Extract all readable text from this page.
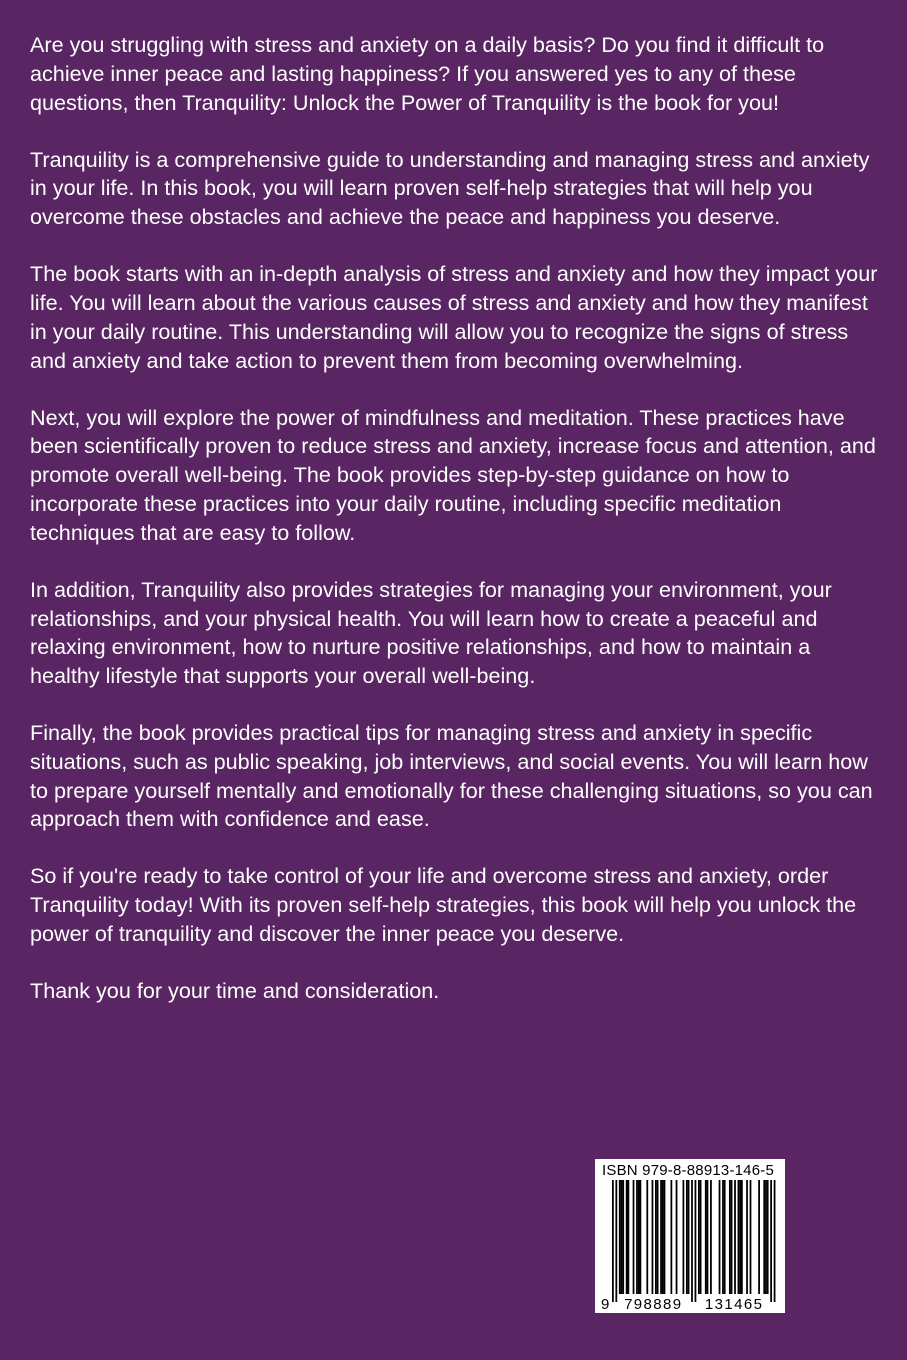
Are you struggling with stress and anxiety on a daily basis? Do you find it difficult to achieve inner peace and lasting happiness? If you answered yes to any of these questions, then Tranquility: Unlock the Power of Tranquility is the book for you!

Tranquility is a comprehensive guide to understanding and managing stress and anxiety in your life. In this book, you will learn proven self-help strategies that will help you overcome these obstacles and achieve the peace and happiness you deserve.

The book starts with an in-depth analysis of stress and anxiety and how they impact your life. You will learn about the various causes of stress and anxiety and how they manifest in your daily routine. This understanding will allow you to recognize the signs of stress and anxiety and take action to prevent them from becoming overwhelming.

Next, you will explore the power of mindfulness and meditation. These practices have been scientifically proven to reduce stress and anxiety, increase focus and attention, and promote overall well-being. The book provides step-by-step guidance on how to incorporate these practices into your daily routine, including specific meditation techniques that are easy to follow.

In addition, Tranquility also provides strategies for managing your environment, your relationships, and your physical health. You will learn how to create a peaceful and relaxing environment, how to nurture positive relationships, and how to maintain a healthy lifestyle that supports your overall well-being.

Finally, the book provides practical tips for managing stress and anxiety in specific situations, such as public speaking, job interviews, and social events. You will learn how to prepare yourself mentally and emotionally for these challenging situations, so you can approach them with confidence and ease.

So if you're ready to take control of your life and overcome stress and anxiety, order Tranquility today! With its proven self-help strategies, this book will help you unlock the power of tranquility and discover the inner peace you deserve.

Thank you for your time and consideration.

ISBN 979-8-88913-146-5
9 798889 131465
